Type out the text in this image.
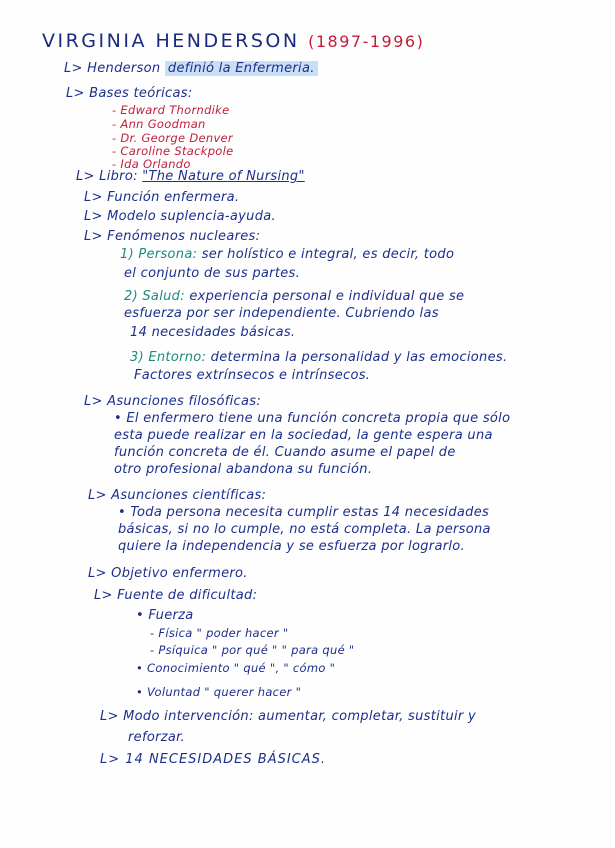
VIRGINIA HENDERSON (1897-1996)
L> Henderson definió la Enfermeria.
L> Bases teóricas:
- Edward Thorndike
- Ann Goodman
- Dr. George Denver
- Caroline Stackpole
- Ida Orlando
L> Libro: "The Nature of Nursing"
L> Función enfermera.
L> Modelo suplencia-ayuda.
L> Fenómenos nucleares:
1) Persona: ser holístico e integral, es decir, todo
el conjunto de sus partes.
2) Salud: experiencia personal e individual que se
esfuerza por ser independiente. Cubriendo las
14 necesidades básicas.
3) Entorno: determina la personalidad y las emociones.
Factores extrínsecos e intrínsecos.
L> Asunciones filosóficas:
• El enfermero tiene una función concreta propia que sólo
esta puede realizar en la sociedad, la gente espera una
función concreta de él. Cuando asume el papel de
otro profesional abandona su función.
L> Asunciones científicas:
• Toda persona necesita cumplir estas 14 necesidades
básicas, si no lo cumple, no está completa. La persona
quiere la independencia y se esfuerza por lograrlo.
L> Objetivo enfermero.
L> Fuente de dificultad:
• Fuerza
- Física " poder hacer "
- Psíquica " por qué " " para qué "
• Conocimiento " qué ", " cómo "
• Voluntad " querer hacer "
L> Modo intervención: aumentar, completar, sustituir y
reforzar.
L> 14 NECESIDADES BÁSICAS.
